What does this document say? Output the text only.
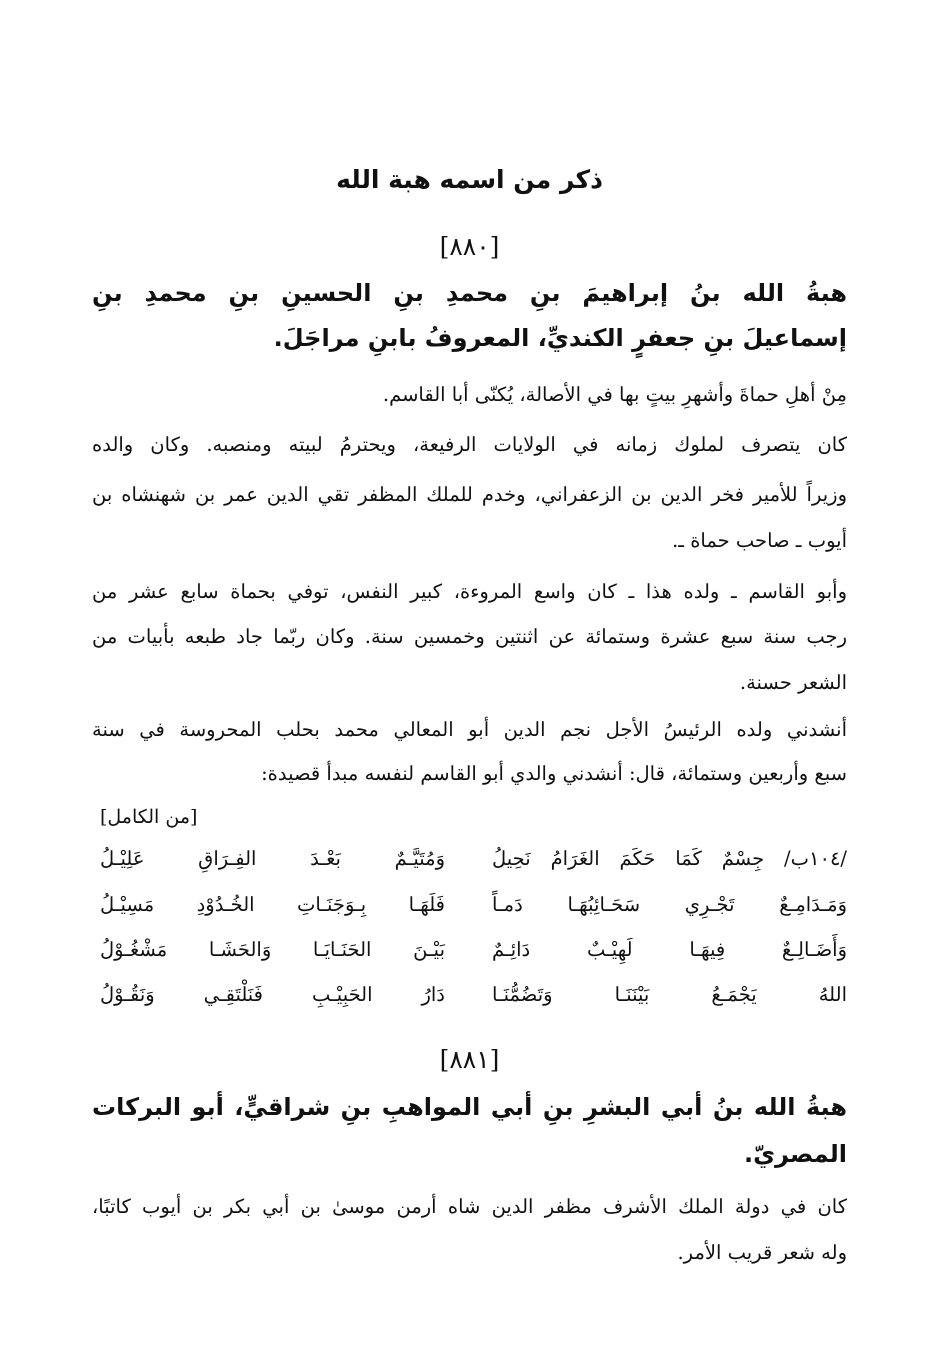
ذكر من اسمه هبة الله
[٨٨٠]
هبةُ الله بنُ إبراهيمَ بنِ محمدِ بنِ الحسينِ بنِ محمدِ بنِ
إسماعيلَ بنِ جعفرٍ الكنديِّ، المعروفُ بابنِ مراجَلَ.
مِنْ أهلِ حماةَ وأشهرِ بيتٍ بها في الأصالة، يُكنّى أبا القاسم.
كان يتصرف لملوك زمانه في الولايات الرفيعة، ويحترمُ لبيته ومنصبه. وكان والده
وزيراً للأمير فخر الدين بن الزعفراني، وخدم للملك المظفر تقي الدين عمر بن شهنشاه بن
أيوب ـ صاحب حماة ـ.
وأبو القاسم ـ ولده هذا ـ كان واسع المروءة، كبير النفس، توفي بحماة سابع عشر من
رجب سنة سبع عشرة وستمائة عن اثنتين وخمسين سنة. وكان ربّما جاد طبعه بأبيات من
الشعر حسنة.
أنشدني ولده الرئيسُ الأجل نجم الدين أبو المعالي محمد بحلب المحروسة في سنة
سبع وأربعين وستمائة، قال: أنشدني والدي أبو القاسم لنفسه مبدأ قصيدة:
[من الكامل]
/١٠٤ب/ جِسْمٌ كَمَا حَكَمَ الغَرَامُ نَحِيلُ
وَمُتَيَّـمٌ بَعْـدَ الفِـرَاقِ عَلِيْـلُ
وَمَـدَامِـعٌ تَجْـرِي سَحَـائِبُهَـا دَمـاً
فَلَهَـا بِـوَجَنَـاتِ الخُـدُوْدِ مَسِيْـلُ
وَأَضَـالِـعٌ فِيهَـا لَهِيْـبٌ دَائِـمٌ
بَيْـنَ الحَنَـايَـا وَالحَشَـا مَشْغُـوْلُ
اللهُ يَجْمَـعُ بَيْنَنَـا وَتَضُمُّنَـا
دَارُ الحَبِيْـبِ فَنَلْتَقِـي وَنَقُـوْلُ
[٨٨١]
هبةُ الله بنُ أبي البشرِ بنِ أبي المواهبِ بنِ شراقيٍّ، أبو البركات
المصريّ.
كان في دولة الملك الأشرف مظفر الدين شاه أرمن موسىٰ بن أبي بكر بن أيوب كاتبًا،
وله شعر قريب الأمر.
